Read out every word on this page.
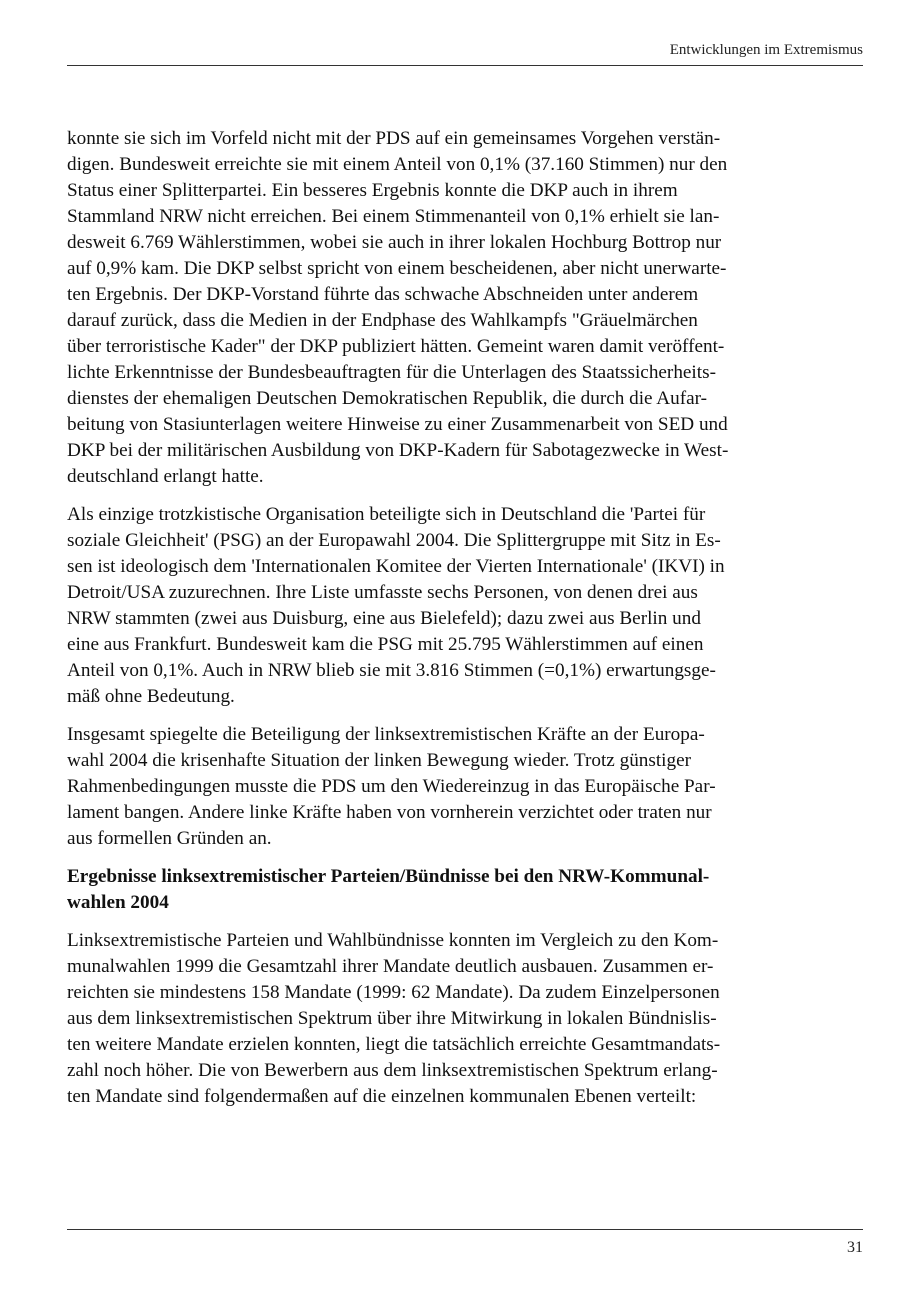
Entwicklungen im Extremismus

konnte sie sich im Vorfeld nicht mit der PDS auf ein gemeinsames Vorgehen verstän-
digen. Bundesweit erreichte sie mit einem Anteil von 0,1% (37.160 Stimmen) nur den
Status einer Splitterpartei. Ein besseres Ergebnis konnte die DKP auch in ihrem
Stammland NRW nicht erreichen. Bei einem Stimmenanteil von 0,1% erhielt sie lan-
desweit 6.769 Wählerstimmen, wobei sie auch in ihrer lokalen Hochburg Bottrop nur
auf 0,9% kam. Die DKP selbst spricht von einem bescheidenen, aber nicht unerwarte-
ten Ergebnis. Der DKP-Vorstand führte das schwache Abschneiden unter anderem
darauf zurück, dass die Medien in der Endphase des Wahlkampfs "Gräuelmärchen
über terroristische Kader" der DKP publiziert hätten. Gemeint waren damit veröffent-
lichte Erkenntnisse der Bundesbeauftragten für die Unterlagen des Staatssicherheits-
dienstes der ehemaligen Deutschen Demokratischen Republik, die durch die Aufar-
beitung von Stasiunterlagen weitere Hinweise zu einer Zusammenarbeit von SED und
DKP bei der militärischen Ausbildung von DKP-Kadern für Sabotagezwecke in West-
deutschland erlangt hatte.

Als einzige trotzkistische Organisation beteiligte sich in Deutschland die 'Partei für
soziale Gleichheit' (PSG) an der Europawahl 2004. Die Splittergruppe mit Sitz in Es-
sen ist ideologisch dem 'Internationalen Komitee der Vierten Internationale' (IKVI) in
Detroit/USA zuzurechnen. Ihre Liste umfasste sechs Personen, von denen drei aus
NRW stammten (zwei aus Duisburg, eine aus Bielefeld); dazu zwei aus Berlin und
eine aus Frankfurt. Bundesweit kam die PSG mit 25.795 Wählerstimmen auf einen
Anteil von 0,1%. Auch in NRW blieb sie mit 3.816 Stimmen (=0,1%) erwartungsge-
mäß ohne Bedeutung.

Insgesamt spiegelte die Beteiligung der linksextremistischen Kräfte an der Europa-
wahl 2004 die krisenhafte Situation der linken Bewegung wieder. Trotz günstiger
Rahmenbedingungen musste die PDS um den Wiedereinzug in das Europäische Par-
lament bangen. Andere linke Kräfte haben von vornherein verzichtet oder traten nur
aus formellen Gründen an.

Ergebnisse linksextremistischer Parteien/Bündnisse bei den NRW-Kommunal-
wahlen 2004

Linksextremistische Parteien und Wahlbündnisse konnten im Vergleich zu den Kom-
munalwahlen 1999 die Gesamtzahl ihrer Mandate deutlich ausbauen. Zusammen er-
reichten sie mindestens 158 Mandate (1999: 62 Mandate). Da zudem Einzelpersonen
aus dem linksextremistischen Spektrum über ihre Mitwirkung in lokalen Bündnislis-
ten weitere Mandate erzielen konnten, liegt die tatsächlich erreichte Gesamtmandats-
zahl noch höher. Die von Bewerbern aus dem linksextremistischen Spektrum erlang-
ten Mandate sind folgendermaßen auf die einzelnen kommunalen Ebenen verteilt:

31
